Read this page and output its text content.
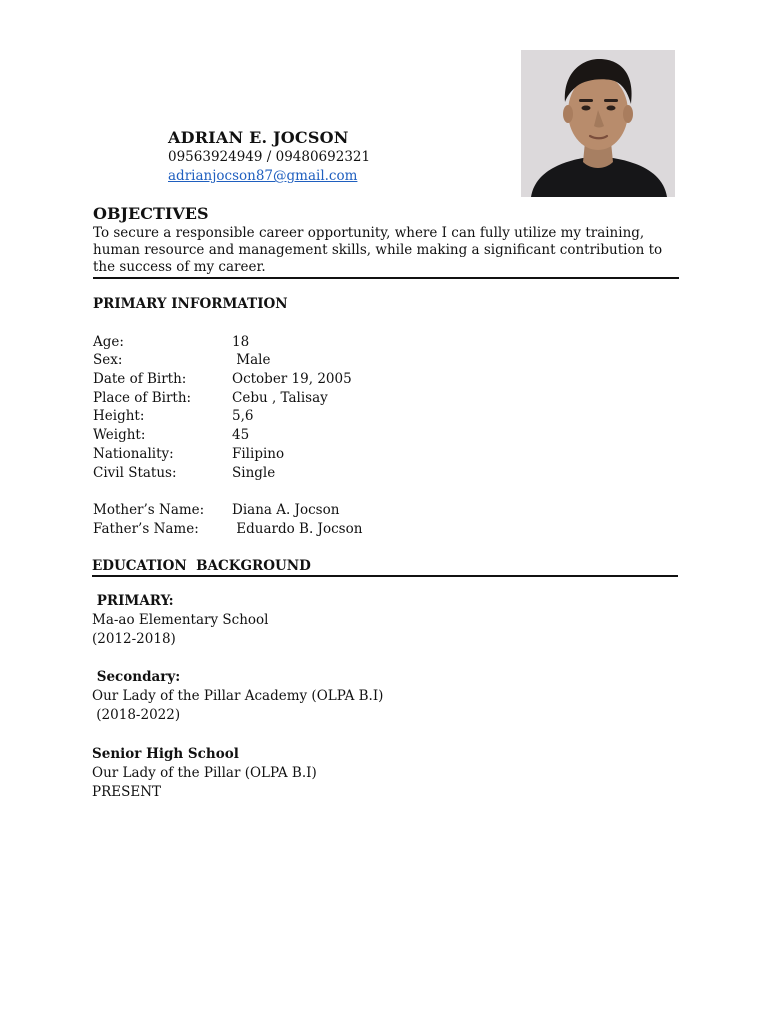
ADRIAN E. JOCSON
09563924949 / 09480692321
adrianjocson87@gmail.com
OBJECTIVES
To secure a responsible career opportunity, where I can fully utilize my training, human resource and management skills, while making a significant contribution to the success of my career.
PRIMARY INFORMATION
Age:	18
Sex:	Male
Date of Birth:	October 19, 2005
Place of Birth:	Cebu , Talisay
Height:	5,6
Weight:	45
Nationality:	Filipino
Civil Status:	Single
Mother’s Name: Diana A. Jocson
Father’s Name: Eduardo B. Jocson
EDUCATION  BACKGROUND
PRIMARY:
Ma-ao Elementary School
(2012-2018)
Secondary:
Our Lady of the Pillar Academy (OLPA B.I)
(2018-2022)
Senior High School
Our Lady of the Pillar (OLPA B.I)
PRESENT
